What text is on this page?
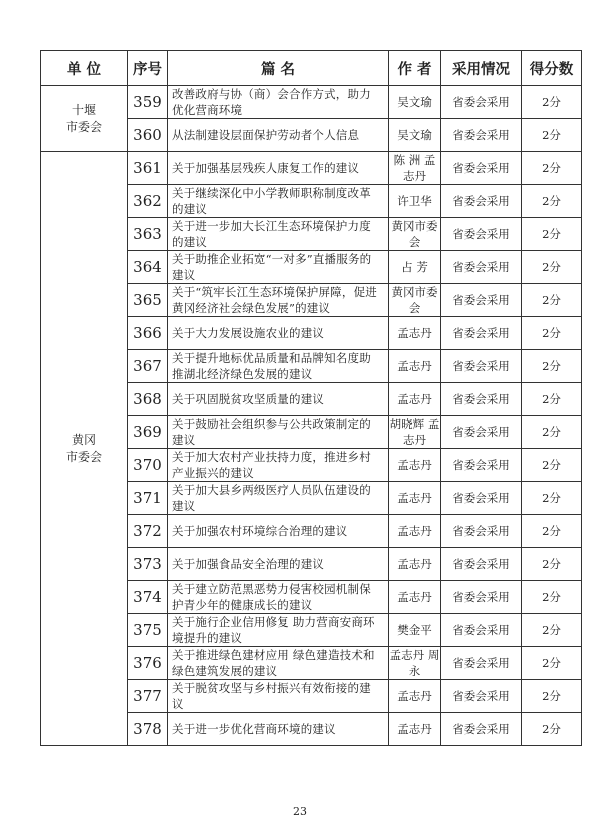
单 位	序号	篇 名	作 者	采用情况	得分数

十堰
市委会	359	改善政府与协（商）会合作方式，助力优化营商环境	吴文瑜	省委会采用	2分
	360	从法制建设层面保护劳动者个人信息	吴文瑜	省委会采用	2分

黄冈
市委会	361	关于加强基层残疾人康复工作的建议	陈 洲 孟志丹	省委会采用	2分
	362	关于继续深化中小学教师职称制度改革的建议	许卫华	省委会采用	2分
	363	关于进一步加大长江生态环境保护力度的建议	黄冈市委会	省委会采用	2分
	364	关于助推企业拓宽“一对多”直播服务的建议	占 芳	省委会采用	2分
	365	关于“筑牢长江生态环境保护屏障，促进黄冈经济社会绿色发展”的建议	黄冈市委会	省委会采用	2分
	366	关于大力发展设施农业的建议	孟志丹	省委会采用	2分
	367	关于提升地标优品质量和品牌知名度助推湖北经济绿色发展的建议	孟志丹	省委会采用	2分
	368	关于巩固脱贫攻坚质量的建议	孟志丹	省委会采用	2分
	369	关于鼓励社会组织参与公共政策制定的建议	胡晓辉 孟志丹	省委会采用	2分
	370	关于加大农村产业扶持力度，推进乡村产业振兴的建议	孟志丹	省委会采用	2分
	371	关于加大县乡两级医疗人员队伍建设的建议	孟志丹	省委会采用	2分
	372	关于加强农村环境综合治理的建议	孟志丹	省委会采用	2分
	373	关于加强食品安全治理的建议	孟志丹	省委会采用	2分
	374	关于建立防范黑恶势力侵害校园机制保护青少年的健康成长的建议	孟志丹	省委会采用	2分
	375	关于施行企业信用修复 助力营商安商环境提升的建议	樊金平	省委会采用	2分
	376	关于推进绿色建材应用 绿色建造技术和绿色建筑发展的建议	孟志丹 周 永	省委会采用	2分
	377	关于脱贫攻坚与乡村振兴有效衔接的建议	孟志丹	省委会采用	2分
	378	关于进一步优化营商环境的建议	孟志丹	省委会采用	2分
23
